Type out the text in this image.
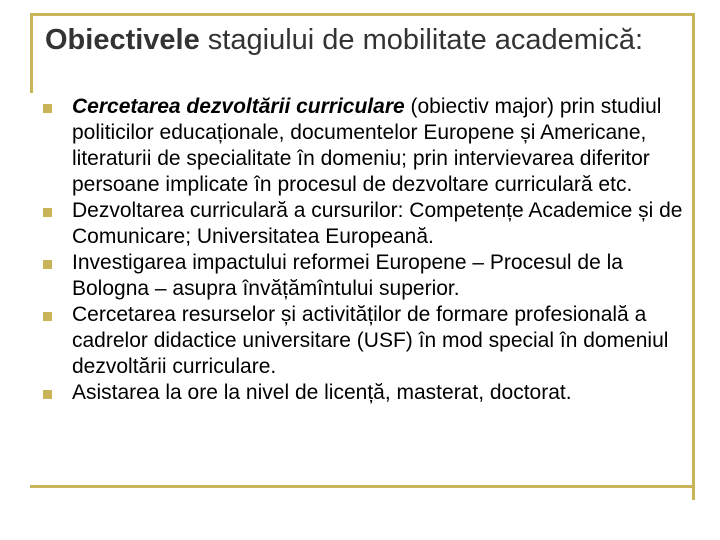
Obiectivele stagiului de mobilitate academică:
Cercetarea dezvoltării curriculare (obiectiv major) prin studiul politicilor educaționale, documentelor Europene și Americane, literaturii de specialitate în domeniu; prin intervievarea diferitor persoane implicate în procesul de dezvoltare curriculară etc.
Dezvoltarea curriculară a cursurilor: Competențe Academice și de Comunicare; Universitatea Europeană.
Investigarea impactului reformei Europene – Procesul de la Bologna – asupra învățămîntului superior.
Cercetarea resurselor și activităților de formare profesională a cadrelor didactice universitare (USF) în mod special în domeniul dezvoltării curriculare.
Asistarea la ore la nivel de licență, masterat, doctorat.
